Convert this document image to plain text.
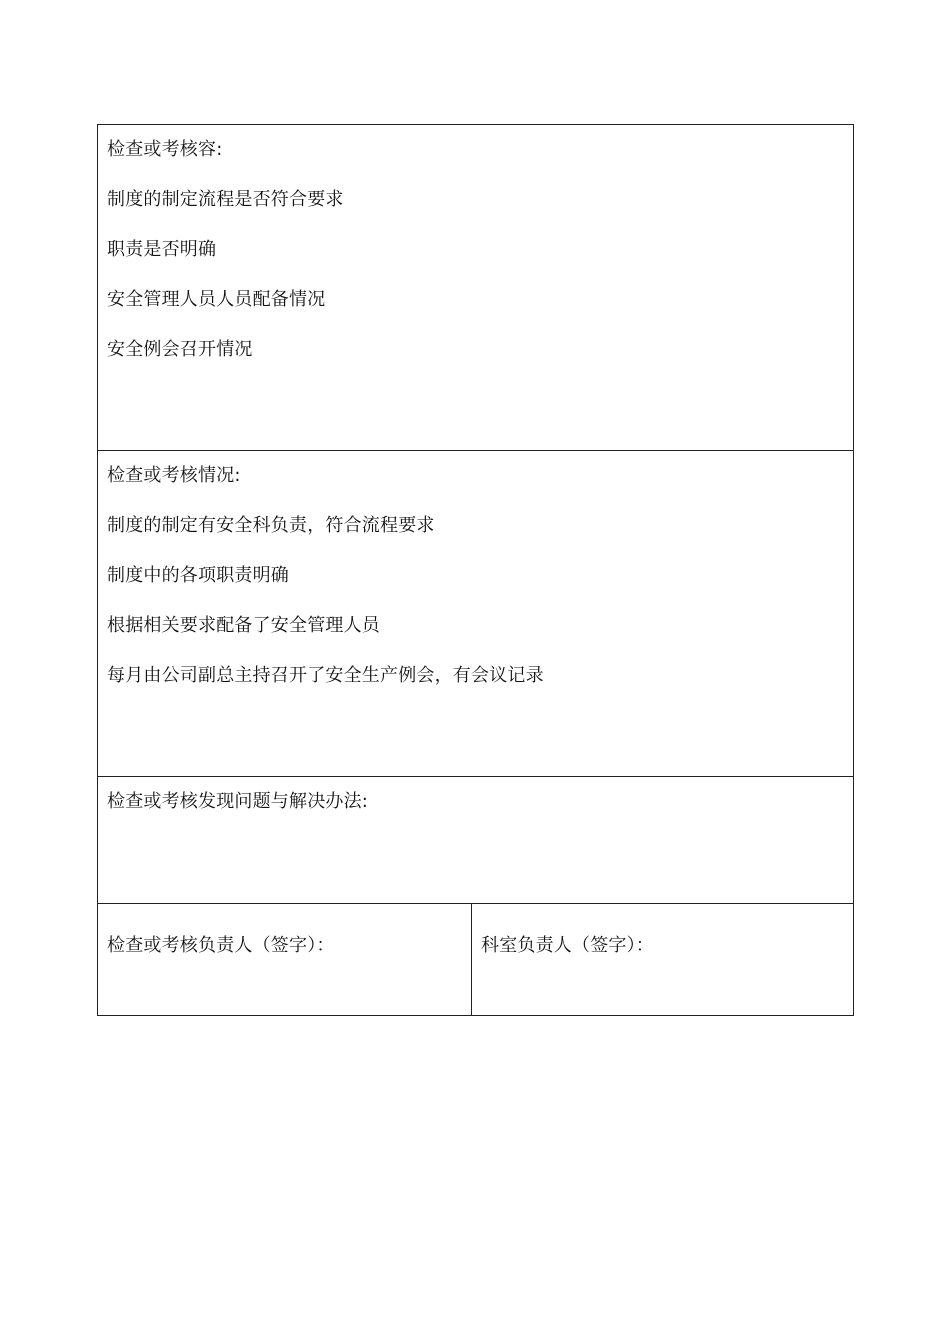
检查或考核容:
制度的制定流程是否符合要求
职责是否明确
安全管理人员人员配备情况
安全例会召开情况

检查或考核情况:
制度的制定有安全科负责，符合流程要求
制度中的各项职责明确
根据相关要求配备了安全管理人员
每月由公司副总主持召开了安全生产例会，有会议记录

检查或考核发现问题与解决办法:

检查或考核负责人（签字）：	科室负责人（签字）：
